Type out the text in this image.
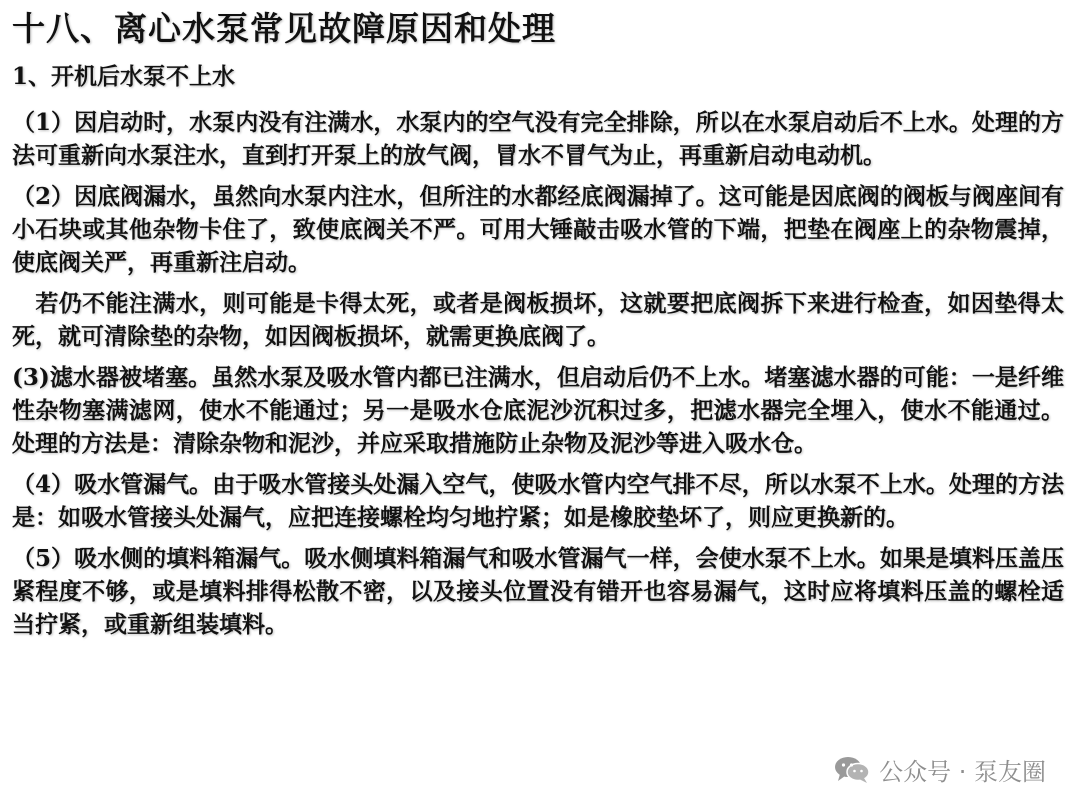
十八、离心水泵常见故障原因和处理
1、开机后水泵不上水

（1）因启动时，水泵内没有注满水，水泵内的空气没有完全排除，所以在水泵启动后不上水。处理的方法可重新向水泵注水，直到打开泵上的放气阀，冒水不冒气为止，再重新启动电动机。

（2）因底阀漏水，虽然向水泵内注水，但所注的水都经底阀漏掉了。这可能是因底阀的阀板与阀座间有小石块或其他杂物卡住了，致使底阀关不严。可用大锤敲击吸水管的下端，把垫在阀座上的杂物震掉，使底阀关严，再重新注启动。

　若仍不能注满水，则可能是卡得太死，或者是阀板损坏，这就要把底阀拆下来进行检查，如因垫得太死，就可清除垫的杂物，如因阀板损坏，就需更换底阀了。

(3)滤水器被堵塞。虽然水泵及吸水管内都已注满水，但启动后仍不上水。堵塞滤水器的可能：一是纤维性杂物塞满滤网，使水不能通过；另一是吸水仓底泥沙沉积过多，把滤水器完全埋入，使水不能通过。处理的方法是：清除杂物和泥沙，并应采取措施防止杂物及泥沙等进入吸水仓。

（4）吸水管漏气。由于吸水管接头处漏入空气，使吸水管内空气排不尽，所以水泵不上水。处理的方法是：如吸水管接头处漏气，应把连接螺栓均匀地拧紧；如是橡胶垫坏了，则应更换新的。

（5）吸水侧的填料箱漏气。吸水侧填料箱漏气和吸水管漏气一样，会使水泵不上水。如果是填料压盖压紧程度不够，或是填料排得松散不密，以及接头位置没有错开也容易漏气，这时应将填料压盖的螺栓适当拧紧，或重新组装填料。

公众号 · 泵友圈
